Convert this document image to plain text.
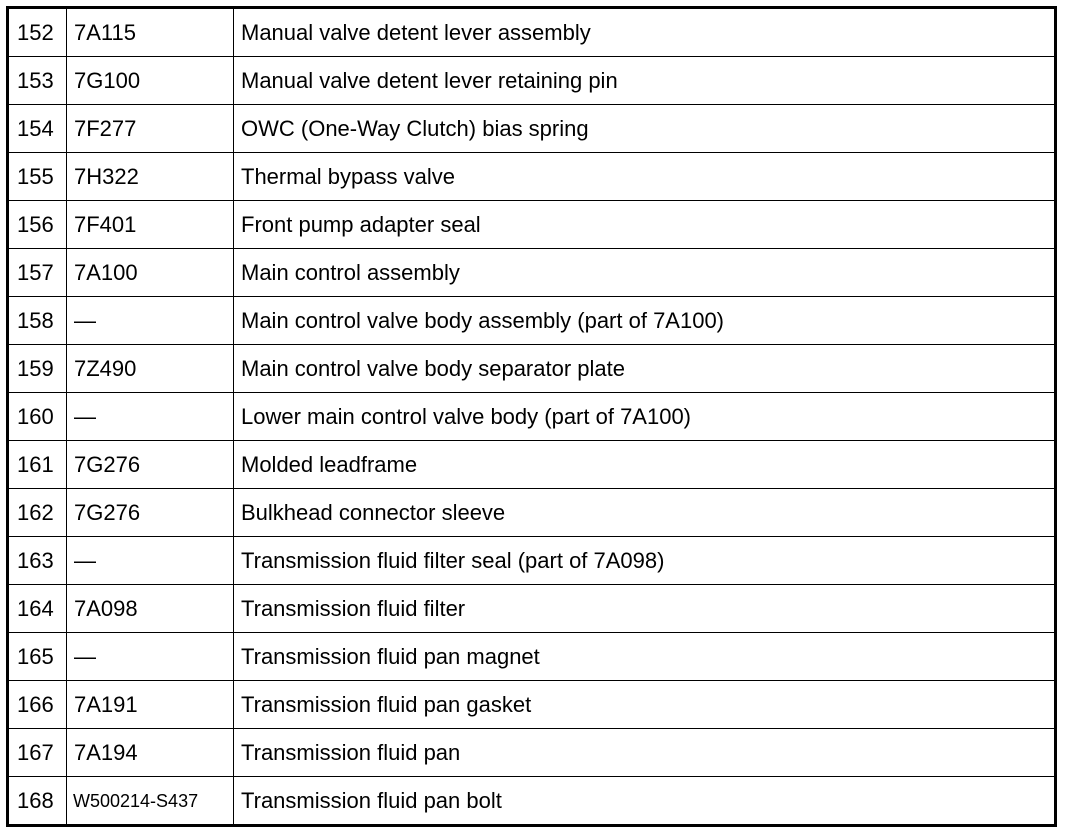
152	7A115	Manual valve detent lever assembly
153	7G100	Manual valve detent lever retaining pin
154	7F277	OWC (One-Way Clutch) bias spring
155	7H322	Thermal bypass valve
156	7F401	Front pump adapter seal
157	7A100	Main control assembly
158	—	Main control valve body assembly (part of 7A100)
159	7Z490	Main control valve body separator plate
160	—	Lower main control valve body (part of 7A100)
161	7G276	Molded leadframe
162	7G276	Bulkhead connector sleeve
163	—	Transmission fluid filter seal (part of 7A098)
164	7A098	Transmission fluid filter
165	—	Transmission fluid pan magnet
166	7A191	Transmission fluid pan gasket
167	7A194	Transmission fluid pan
168	W500214-S437	Transmission fluid pan bolt
